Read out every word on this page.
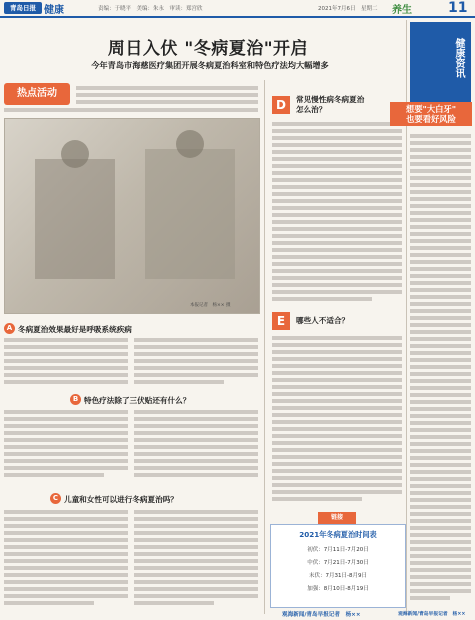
青岛日报 健康	责编：于晓平　美编：朱永　审读：郑宫欣	2021年7月6日　星期二 养生	11
周日入伏 "冬病夏治"开启
今年青岛市海慈医疗集团开展冬病夏治科室和特色疗法均大幅增多
热点活动
本报记者　杨×× 摄
A 冬病夏治效果最好是呼吸系统疾病
B 特色疗法除了三伏贴还有什么？
C 儿童和女性可以进行冬病夏治吗？
D	常见慢性病冬病夏治
怎么治？
E	哪些人不适合？
链接
2021年冬病夏治时间表
初伏：7月11日-7月20日
中伏：7月21日-7月30日
末伏：7月31日-8月9日
加强：8月10日-8月19日
观海新闻/青岛早报记者　杨××
健康资讯
想要"大白牙"
也要看好风险
观海新闻/青岛早报记者　杨××
